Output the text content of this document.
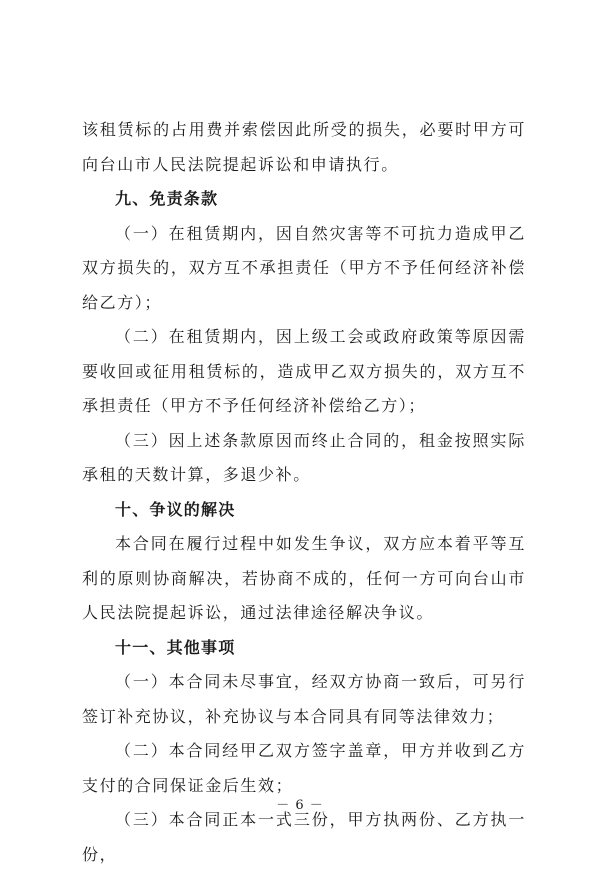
该租赁标的占用费并索偿因此所受的损失，必要时甲方可向台山市人民法院提起诉讼和申请执行。

九、免责条款

（一）在租赁期内，因自然灾害等不可抗力造成甲乙双方损失的，双方互不承担责任（甲方不予任何经济补偿给乙方）；

（二）在租赁期内，因上级工会或政府政策等原因需要收回或征用租赁标的，造成甲乙双方损失的，双方互不承担责任（甲方不予任何经济补偿给乙方）；

（三）因上述条款原因而终止合同的，租金按照实际承租的天数计算，多退少补。

十、争议的解决

本合同在履行过程中如发生争议，双方应本着平等互利的原则协商解决，若协商不成的，任何一方可向台山市人民法院提起诉讼，通过法律途径解决争议。

十一、其他事项

（一）本合同未尽事宜，经双方协商一致后，可另行签订补充协议，补充协议与本合同具有同等法律效力；

（二）本合同经甲乙双方签字盖章，甲方并收到乙方支付的合同保证金后生效；

（三）本合同正本一式三份，甲方执两份、乙方执一份，

－ 6 －
